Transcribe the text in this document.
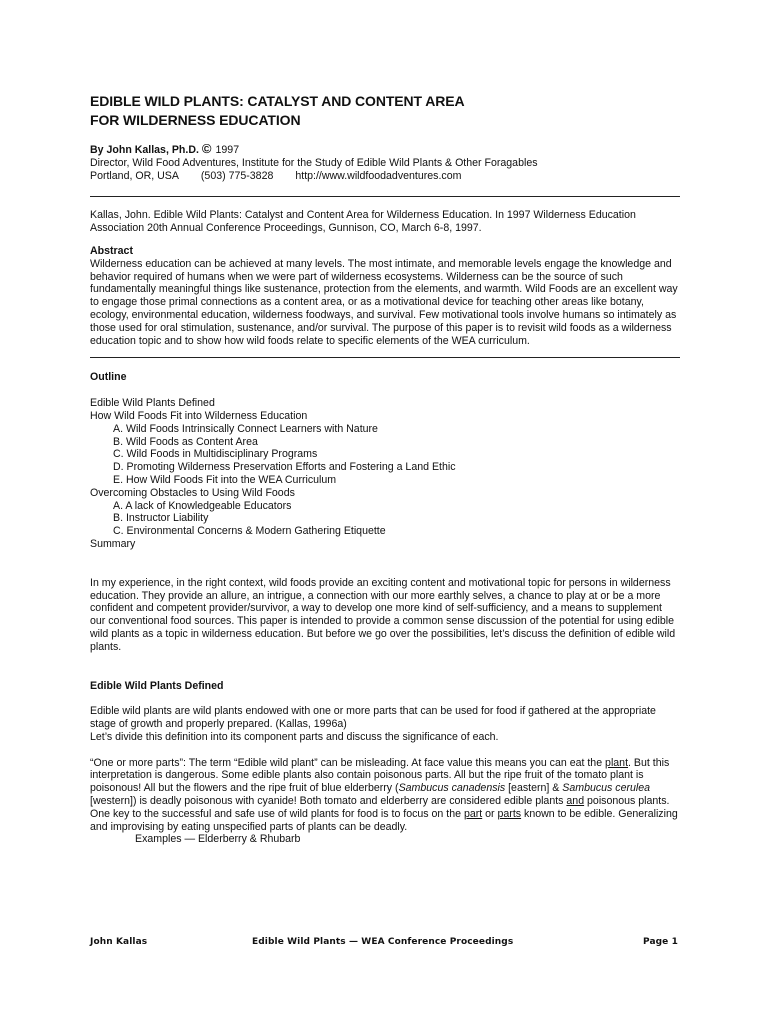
EDIBLE WILD PLANTS: CATALYST AND CONTENT AREA

FOR WILDERNESS EDUCATION

By John Kallas, Ph.D. © 1997
Director, Wild Food Adventures, Institute for the Study of Edible Wild Plants & Other Foragables
Portland, OR, USA (503) 775-3828 http://www.wildfoodadventures.com

Kallas, John. Edible Wild Plants: Catalyst and Content Area for Wilderness Education. In 1997 Wilderness Education Association 20th Annual Conference Proceedings, Gunnison, CO, March 6-8, 1997.

Abstract

Wilderness education can be achieved at many levels. The most intimate, and memorable levels engage the knowledge and behavior required of humans when we were part of wilderness ecosystems. Wilderness can be the source of such fundamentally meaningful things like sustenance, protection from the elements, and warmth. Wild Foods are an excellent way to engage those primal connections as a content area, or as a motivational device for teaching other areas like botany, ecology, environmental education, wilderness foodways, and survival. Few motivational tools involve humans so intimately as those used for oral stimulation, sustenance, and/or survival. The purpose of this paper is to revisit wild foods as a wilderness education topic and to show how wild foods relate to specific elements of the WEA curriculum.

Outline

Edible Wild Plants Defined
How Wild Foods Fit into Wilderness Education
A. Wild Foods Intrinsically Connect Learners with Nature
B. Wild Foods as Content Area
C. Wild Foods in Multidisciplinary Programs
D. Promoting Wilderness Preservation Efforts and Fostering a Land Ethic
E. How Wild Foods Fit into the WEA Curriculum
Overcoming Obstacles to Using Wild Foods
A. A lack of Knowledgeable Educators
B. Instructor Liability
C. Environmental Concerns & Modern Gathering Etiquette
Summary

In my experience, in the right context, wild foods provide an exciting content and motivational topic for persons in wilderness education. They provide an allure, an intrigue, a connection with our more earthly selves, a chance to play at or be a more confident and competent provider/survivor, a way to develop one more kind of self-sufficiency, and a means to supplement our conventional food sources. This paper is intended to provide a common sense discussion of the potential for using edible wild plants as a topic in wilderness education. But before we go over the possibilities, let’s discuss the definition of edible wild plants.

Edible Wild Plants Defined

Edible wild plants are wild plants endowed with one or more parts that can be used for food if gathered at the appropriate stage of growth and properly prepared. (Kallas, 1996a)
Let’s divide this definition into its component parts and discuss the significance of each.

“One or more parts”: The term “Edible wild plant” can be misleading. At face value this means you can eat the plant. But this interpretation is dangerous. Some edible plants also contain poisonous parts. All but the ripe fruit of the tomato plant is poisonous! All but the flowers and the ripe fruit of blue elderberry (Sambucus canadensis [eastern] & Sambucus cerulea [western]) is deadly poisonous with cyanide! Both tomato and elderberry are considered edible plants and poisonous plants. One key to the successful and safe use of wild plants for food is to focus on the part or parts known to be edible. Generalizing and improvising by eating unspecified parts of plants can be deadly.

Examples — Elderberry & Rhubarb
John Kallas	Edible Wild Plants — WEA Conference Proceedings	Page 1
